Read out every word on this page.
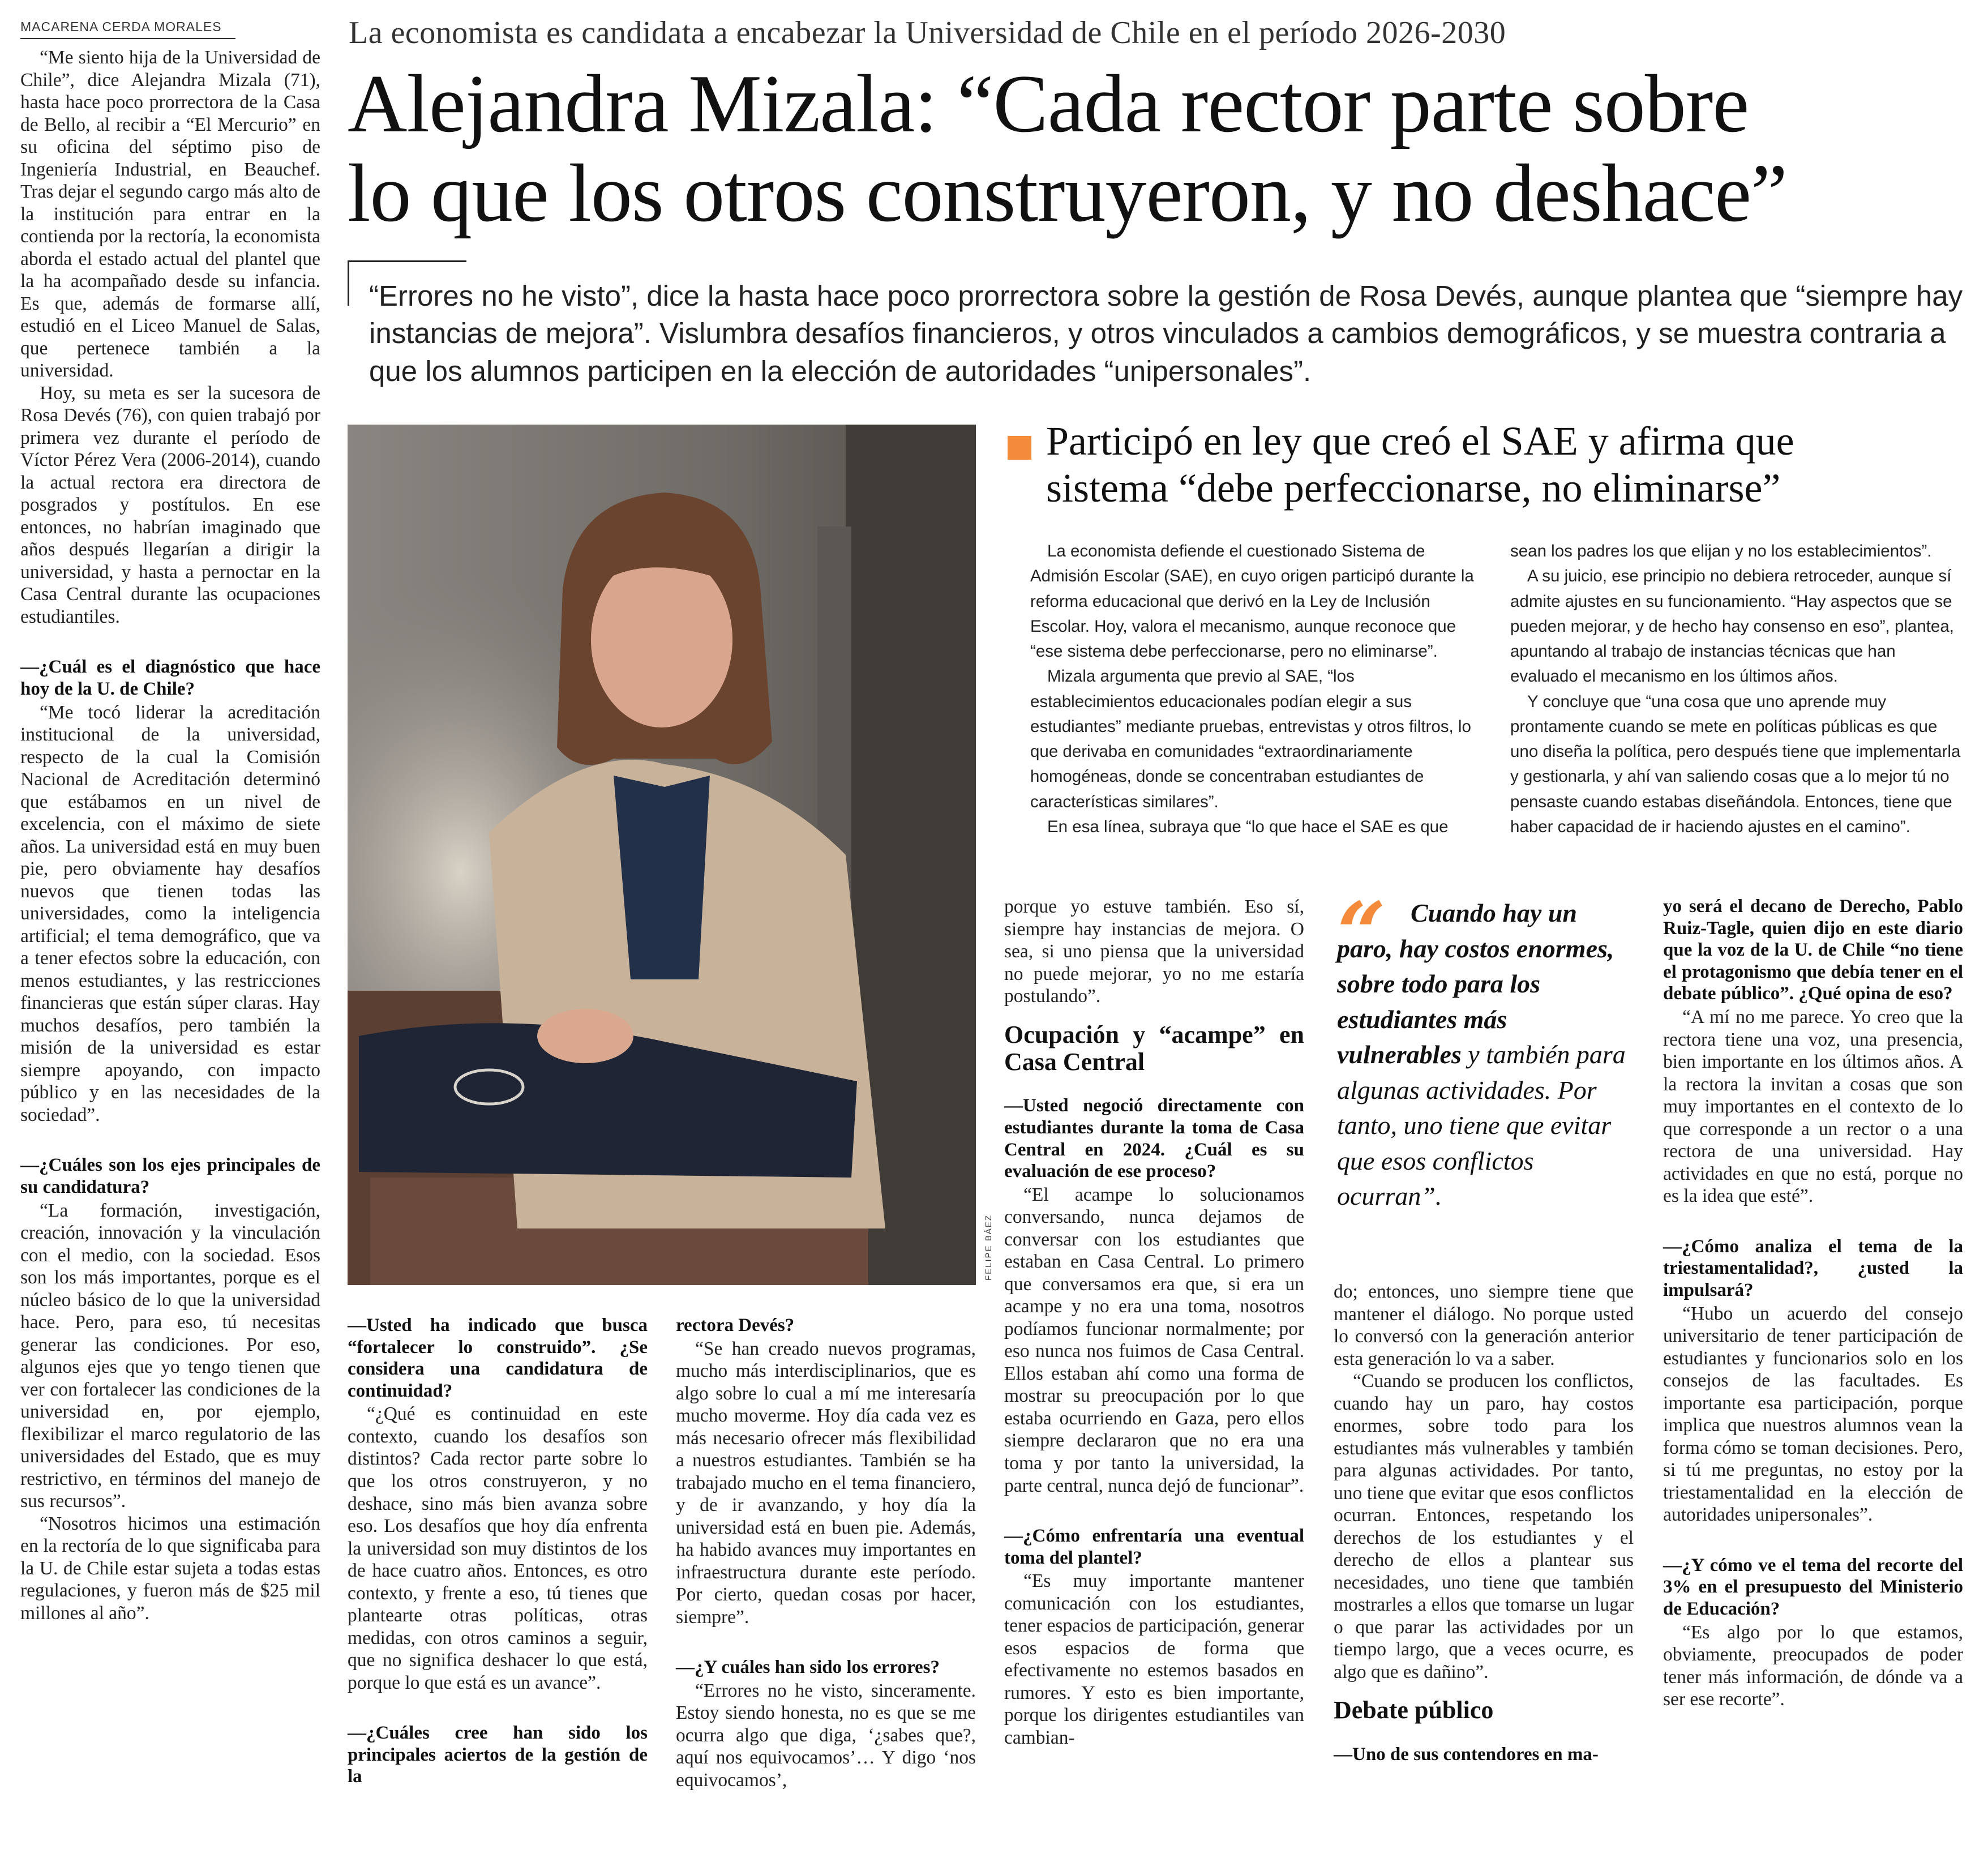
MACARENA CERDA MORALES	La economista es candidata a encabezar la Universidad de Chile en el período 2026-2030
Alejandra Mizala: “Cada rector parte sobre
lo que los otros construyeron, y no deshace”
“Errores no he visto”, dice la hasta hace poco prorrectora sobre la gestión de Rosa Devés, aunque plantea que “siempre hay instancias de mejora”. Vislumbra desafíos financieros, y otros vinculados a cambios demográficos, y se muestra contraria a que los alumnos participen en la elección de autoridades “unipersonales”.

“Me siento hija de la Universidad de Chile”, dice Alejandra Mizala (71), hasta hace poco prorrectora de la Casa de Bello, al recibir a “El Mercurio” en su oficina del séptimo piso de Ingeniería Industrial, en Beauchef. Tras dejar el segundo cargo más alto de la institución para entrar en la contienda por la rectoría, la economista aborda el estado actual del plantel que la ha acompañado desde su infancia. Es que, además de formarse allí, estudió en el Liceo Manuel de Salas, que pertenece también a la universidad.

Hoy, su meta es ser la sucesora de Rosa Devés (76), con quien trabajó por primera vez durante el período de Víctor Pérez Vera (2006-2014), cuando la actual rectora era directora de posgrados y postítulos. En ese entonces, no habrían imaginado que años después llegarían a dirigir la universidad, y hasta a pernoctar en la Casa Central durante las ocupaciones estudiantiles.

—¿Cuál es el diagnóstico que hace hoy de la U. de Chile?

“Me tocó liderar la acreditación institucional de la universidad, respecto de la cual la Comisión Nacional de Acreditación determinó que estábamos en un nivel de excelencia, con el máximo de siete años. La universidad está en muy buen pie, pero obviamente hay desafíos nuevos que tienen todas las universidades, como la inteligencia artificial; el tema demográfico, que va a tener efectos sobre la educación, con menos estudiantes, y las restricciones financieras que están súper claras. Hay muchos desafíos, pero también la misión de la universidad es estar siempre apoyando, con impacto público y en las necesidades de la sociedad”.

—¿Cuáles son los ejes principales de su candidatura?

“La formación, investigación, creación, innovación y la vinculación con el medio, con la sociedad. Esos son los más importantes, porque es el núcleo básico de lo que la universidad hace. Pero, para eso, tú necesitas generar las condiciones. Por eso, algunos ejes que yo tengo tienen que ver con fortalecer las condiciones de la universidad en, por ejemplo, flexibilizar el marco regulatorio de las universidades del Estado, que es muy restrictivo, en términos del manejo de sus recursos”.

“Nosotros hicimos una estimación en la rectoría de lo que significaba para la U. de Chile estar sujeta a todas estas regulaciones, y fueron más de $25 mil millones al año”.

FELIPE BÁEZ
—Usted ha indicado que busca “fortalecer lo construido”. ¿Se considera una candidatura de continuidad?

“¿Qué es continuidad en este contexto, cuando los desafíos son distintos? Cada rector parte sobre lo que los otros construyeron, y no deshace, sino más bien avanza sobre eso. Los desafíos que hoy día enfrenta la universidad son muy distintos de los de hace cuatro años. Entonces, es otro contexto, y frente a eso, tú tienes que plantearte otras políticas, otras medidas, con otros caminos a seguir, que no significa deshacer lo que está, porque lo que está es un avance”.

—¿Cuáles cree han sido los principales aciertos de la gestión de la
rectora Devés?

“Se han creado nuevos programas, mucho más interdisciplinarios, que es algo sobre lo cual a mí me interesaría mucho moverme. Hoy día cada vez es más necesario ofrecer más flexibilidad a nuestros estudiantes. También se ha trabajado mucho en el tema financiero, y de ir avanzando, y hoy día la universidad está en buen pie. Además, ha habido avances muy importantes en infraestructura durante este período. Por cierto, quedan cosas por hacer, siempre”.

—¿Y cuáles han sido los errores?

“Errores no he visto, sinceramente. Estoy siendo honesta, no es que se me ocurra algo que diga, ‘¿sabes que?, aquí nos equivocamos’… Y digo ‘nos equivocamos’,

Participó en ley que creó el SAE y afirma que
sistema “debe perfeccionarse, no eliminarse”

La economista defiende el cuestionado Sistema de Admisión Escolar (SAE), en cuyo origen participó durante la reforma educacional que derivó en la Ley de Inclusión Escolar. Hoy, valora el mecanismo, aunque reconoce que “ese sistema debe perfeccionarse, pero no eliminarse”.

Mizala argumenta que previo al SAE, “los establecimientos educacionales podían elegir a sus estudiantes” mediante pruebas, entrevistas y otros filtros, lo que derivaba en comunidades “extraordinariamente homogéneas, donde se concentraban estudiantes de características similares”.

En esa línea, subraya que “lo que hace el SAE es que

sean los padres los que elijan y no los establecimientos”.

A su juicio, ese principio no debiera retroceder, aunque sí admite ajustes en su funcionamiento. “Hay aspectos que se pueden mejorar, y de hecho hay consenso en eso”, plantea, apuntando al trabajo de instancias técnicas que han evaluado el mecanismo en los últimos años.

Y concluye que “una cosa que uno aprende muy prontamente cuando se mete en políticas públicas es que uno diseña la política, pero después tiene que implementarla y gestionarla, y ahí van saliendo cosas que a lo mejor tú no pensaste cuando estabas diseñándola. Entonces, tiene que haber capacidad de ir haciendo ajustes en el camino”.

porque yo estuve también. Eso sí, siempre hay instancias de mejora. O sea, si uno piensa que la universidad no puede mejorar, yo no me estaría postulando”.

Ocupación y “acampe” en Casa Central
—Usted negoció directamente con estudiantes durante la toma de Casa Central en 2024. ¿Cuál es su evaluación de ese proceso?

“El acampe lo solucionamos conversando, nunca dejamos de conversar con los estudiantes que estaban en Casa Central. Lo primero que conversamos era que, si era un acampe y no era una toma, nosotros podíamos funcionar normalmente; por eso nunca nos fuimos de Casa Central. Ellos estaban ahí como una forma de mostrar su preocupación por lo que estaba ocurriendo en Gaza, pero ellos siempre declararon que no era una toma y por tanto la universidad, la parte central, nunca dejó de funcionar”.

—¿Cómo enfrentaría una eventual toma del plantel?

“Es muy importante mantener comunicación con los estudiantes, tener espacios de participación, generar esos espacios de forma que efectivamente no estemos basados en rumores. Y esto es bien importante, porque los dirigentes estudiantiles van cambian-

“ Cuando hay un paro, hay costos enormes, sobre todo para los estudiantes más vulnerables y también para algunas actividades. Por tanto, uno tiene que evitar que esos conflictos ocurran”.

do; entonces, uno siempre tiene que mantener el diálogo. No porque usted lo conversó con la generación anterior esta generación lo va a saber.

“Cuando se producen los conflictos, cuando hay un paro, hay costos enormes, sobre todo para los estudiantes más vulnerables y también para algunas actividades. Por tanto, uno tiene que evitar que esos conflictos ocurran. Entonces, respetando los derechos de los estudiantes y el derecho de ellos a plantear sus necesidades, uno tiene que también mostrarles a ellos que tomarse un lugar o que parar las actividades por un tiempo largo, que a veces ocurre, es algo que es dañino”.

Debate público
—Uno de sus contendores en ma-
yo será el decano de Derecho, Pablo Ruiz-Tagle, quien dijo en este diario que la voz de la U. de Chile “no tiene el protagonismo que debía tener en el debate público”. ¿Qué opina de eso?

“A mí no me parece. Yo creo que la rectora tiene una voz, una presencia, bien importante en los últimos años. A la rectora la invitan a cosas que son muy importantes en el contexto de lo que corresponde a un rector o a una rectora de una universidad. Hay actividades en que no está, porque no es la idea que esté”.

—¿Cómo analiza el tema de la triestamentalidad?, ¿usted la impulsará?

“Hubo un acuerdo del consejo universitario de tener participación de estudiantes y funcionarios solo en los consejos de las facultades. Es importante esa participación, porque implica que nuestros alumnos vean la forma cómo se toman decisiones. Pero, si tú me preguntas, no estoy por la triestamentalidad en la elección de autoridades unipersonales”.

—¿Y cómo ve el tema del recorte del 3% en el presupuesto del Ministerio de Educación?

“Es algo por lo que estamos, obviamente, preocupados de poder tener más información, de dónde va a ser ese recorte”.
